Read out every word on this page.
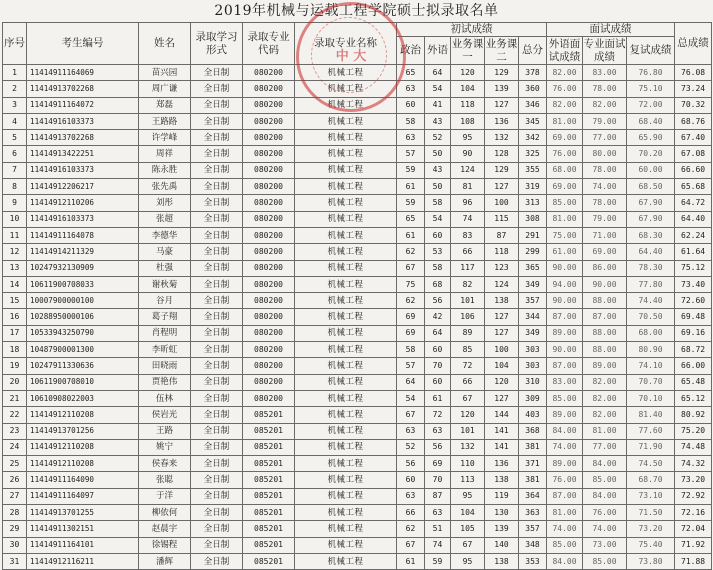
2019年机械与运载工程学院硕士拟录取名单
序号	考生编号	姓名	录取学习形式	录取专业代码	录取专业名称	初试成绩					面试成绩			总成绩
						政治	外语	业务课一	业务课二	总分	外语面试成绩	专业面试成绩	复试成绩	
1	11414911164069	苗兴园	全日制	080200	机械工程	65	64	120	129	378	82.00	83.00	76.80	76.08
2	11414913702268	周广谦	全日制	080200	机械工程	63	54	104	139	360	76.00	78.00	75.10	73.24
3	11414911164072	郑磊	全日制	080200	机械工程	60	41	118	127	346	82.00	82.00	72.00	70.32
4	11414916103373	王路路	全日制	080200	机械工程	58	43	108	136	345	81.00	79.00	68.40	68.76
5	11414913702268	许学峰	全日制	080200	机械工程	63	52	95	132	342	69.00	77.00	65.90	67.40
6	11414913422251	周祥	全日制	080200	机械工程	57	50	90	128	325	76.00	80.00	70.20	67.08
7	11414916103373	陈永胜	全日制	080200	机械工程	59	43	124	129	355	68.00	78.00	60.00	66.60
8	11414912206217	张先禹	全日制	080200	机械工程	61	50	81	127	319	69.00	74.00	68.50	65.68
9	11414912110206	刘彤	全日制	080200	机械工程	59	58	96	100	313	85.00	78.00	67.90	64.72
10	11414916103373	张超	全日制	080200	机械工程	65	54	74	115	308	81.00	79.00	67.90	64.40
11	11414911164078	李德华	全日制	080200	机械工程	61	60	83	87	291	75.00	71.00	68.30	62.24
12	11414914211329	马豪	全日制	080200	机械工程	62	53	66	118	299	61.00	69.00	64.40	61.64
13	10247932130909	杜强	全日制	080200	机械工程	67	58	117	123	365	90.00	86.00	78.30	75.12
14	10611900708033	谢秋菊	全日制	080200	机械工程	75	68	82	124	349	94.00	90.00	77.80	73.40
15	10007900000100	谷月	全日制	080200	机械工程	62	56	101	138	357	90.00	88.00	74.40	72.60
16	10288950000106	葛子翔	全日制	080200	机械工程	69	42	106	127	344	87.00	87.00	70.50	69.48
17	10533943250790	肖程明	全日制	080200	机械工程	69	64	89	127	349	89.00	88.00	68.00	69.16
18	10487900001300	李昕虹	全日制	080200	机械工程	58	60	85	100	303	90.00	88.00	80.90	68.72
19	10247911330636	田晓雨	全日制	080200	机械工程	57	70	72	104	303	87.00	89.00	74.10	66.00
20	10611900708010	贾艳伟	全日制	080200	机械工程	64	60	66	120	310	83.00	82.00	70.70	65.48
21	10610908022003	伍林	全日制	080200	机械工程	54	61	67	127	309	85.00	82.00	70.10	65.12
22	11414912110208	侯岩光	全日制	085201	机械工程	67	72	120	144	403	89.00	82.00	81.40	80.92
23	11414913701256	王路	全日制	085201	机械工程	63	63	101	141	368	84.00	81.00	77.60	75.20
24	11414912110208	姚宁	全日制	085201	机械工程	52	56	132	141	381	74.00	77.00	71.90	74.48
25	11414912110208	侯春来	全日制	085201	机械工程	56	69	110	136	371	89.00	84.00	74.50	74.32
26	11414911164090	张聪	全日制	085201	机械工程	60	70	113	138	381	76.00	85.00	68.70	73.20
27	11414911164097	于洋	全日制	085201	机械工程	63	87	95	119	364	87.00	84.00	73.10	72.92
28	11414913701255	柳依何	全日制	085201	机械工程	66	63	104	130	363	81.00	76.00	71.50	72.16
29	11414911302151	赵晨宇	全日制	085201	机械工程	62	51	105	139	357	74.00	74.00	73.20	72.04
30	11414911164101	徐锡程	全日制	085201	机械工程	67	74	67	140	348	85.00	73.00	75.40	71.92
31	11414912116211	潘辉	全日制	085201	机械工程	61	59	95	138	353	84.00	85.00	73.80	71.88
中 大
